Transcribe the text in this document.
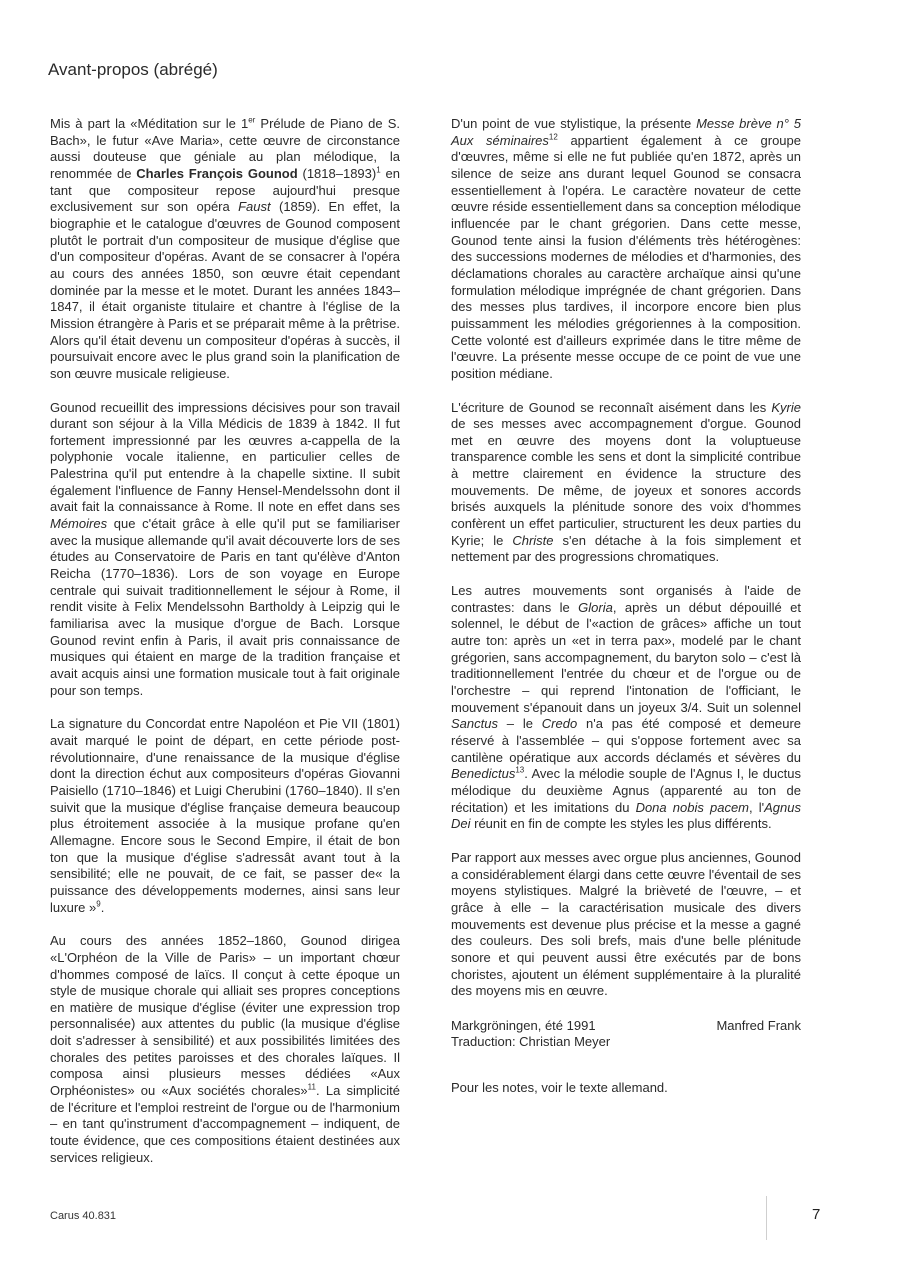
Avant-propos (abrégé)

Mis à part la «Méditation sur le 1er Prélude de Piano de S. Bach», le futur «Ave Maria», cette œuvre de circonstance aussi douteuse que géniale au plan mélodique, la renommée de Charles François Gounod (1818–1893)$^1$ en tant que compositeur repose aujourd'hui presque exclusivement sur son opéra Faust (1859). En effet, la biographie et le catalogue d'œuvres de Gounod composent plutôt le portrait d'un compositeur de musique d'église que d'un compositeur d'opéras. Avant de se consacrer à l'opéra au cours des années 1850, son œuvre était cependant dominée par la messe et le motet. Durant les années 1843–1847, il était organiste titulaire et chantre à l'église de la Mission étrangère à Paris et se préparait même à la prêtrise. Alors qu'il était devenu un compositeur d'opéras à succès, il poursuivait encore avec le plus grand soin la planification de son œuvre musicale religieuse.

Gounod recueillit des impressions décisives pour son travail durant son séjour à la Villa Médicis de 1839 à 1842. Il fut fortement impressionné par les œuvres a-cappella de la polyphonie vocale italienne, en particulier celles de Palestrina qu'il put entendre à la chapelle sixtine. Il subit également l'influence de Fanny Hensel-Mendelssohn dont il avait fait la connaissance à Rome. Il note en effet dans ses Mémoires que c'était grâce à elle qu'il put se familiariser avec la musique allemande qu'il avait découverte lors de ses études au Conservatoire de Paris en tant qu'élève d'Anton Reicha (1770–1836). Lors de son voyage en Europe centrale qui suivait traditionnellement le séjour à Rome, il rendit visite à Felix Mendelssohn Bartholdy à Leipzig qui le familiarisa avec la musique d'orgue de Bach. Lorsque Gounod revint enfin à Paris, il avait pris connaissance de musiques qui étaient en marge de la tradition française et avait acquis ainsi une formation musicale tout à fait originale pour son temps.

La signature du Concordat entre Napoléon et Pie VII (1801) avait marqué le point de départ, en cette période post-révolutionnaire, d'une renaissance de la musique d'église dont la direction échut aux compositeurs d'opéras Giovanni Paisiello (1710–1846) et Luigi Cherubini (1760–1840). Il s'en suivit que la musique d'église française demeura beaucoup plus étroitement associée à la musique profane qu'en Allemagne. Encore sous le Second Empire, il était de bon ton que la musique d'église s'adressât avant tout à la sensibilité; elle ne pouvait, de ce fait, se passer de« la puissance des développements modernes, ainsi sans leur luxure »$^9$.

Au cours des années 1852–1860, Gounod dirigea «L'Orphéon de la Ville de Paris» – un important chœur d'hommes composé de laïcs. Il conçut à cette époque un style de musique chorale qui alliait ses propres conceptions en matière de musique d'église (éviter une expression trop personnalisée) aux attentes du public (la musique d'église doit s'adresser à sensibilité) et aux possibilités limitées des chorales des petites paroisses et des chorales laïques. Il composa ainsi plusieurs messes dédiées «Aux Orphéonistes» ou «Aux sociétés chorales»$^{11}$. La simplicité de l'écriture et l'emploi restreint de l'orgue ou de l'harmonium – en tant qu'instrument d'accompagnement – indiquent, de toute évidence, que ces compositions étaient destinées aux services religieux.

D'un point de vue stylistique, la présente Messe brève n° 5 Aux séminaires$^{12}$ appartient également à ce groupe d'œuvres, même si elle ne fut publiée qu'en 1872, après un silence de seize ans durant lequel Gounod se consacra essentiellement à l'opéra. Le caractère novateur de cette œuvre réside essentiellement dans sa conception mélodique influencée par le chant grégorien. Dans cette messe, Gounod tente ainsi la fusion d'éléments très hétérogènes: des successions modernes de mélodies et d'harmonies, des déclamations chorales au caractère archaïque ainsi qu'une formulation mélodique imprégnée de chant grégorien. Dans des messes plus tardives, il incorpore encore bien plus puissamment les mélodies grégoriennes à la composition. Cette volonté est d'ailleurs exprimée dans le titre même de l'œuvre. La présente messe occupe de ce point de vue une position médiane.

L'écriture de Gounod se reconnaît aisément dans les Kyrie de ses messes avec accompagnement d'orgue. Gounod met en œuvre des moyens dont la voluptueuse transparence comble les sens et dont la simplicité contribue à mettre clairement en évidence la structure des mouvements. De même, de joyeux et sonores accords brisés auxquels la plénitude sonore des voix d'hommes confèrent un effet particulier, structurent les deux parties du Kyrie; le Christe s'en détache à la fois simplement et nettement par des progressions chromatiques.

Les autres mouvements sont organisés à l'aide de contrastes: dans le Gloria, après un début dépouillé et solennel, le début de l'«action de grâces» affiche un tout autre ton: après un «et in terra pax», modelé par le chant grégorien, sans accompagnement, du baryton solo – c'est là traditionnellement l'entrée du chœur et de l'orgue ou de l'orchestre – qui reprend l'intonation de l'officiant, le mouvement s'épanouit dans un joyeux 3/4. Suit un solennel Sanctus – le Credo n'a pas été composé et demeure réservé à l'assemblée – qui s'oppose fortement avec sa cantilène opératique aux accords déclamés et sévères du Benedictus$^{13}$. Avec la mélodie souple de l'Agnus I, le ductus mélodique du deuxième Agnus (apparenté au ton de récitation) et les imitations du Dona nobis pacem, l'Agnus Dei réunit en fin de compte les styles les plus différents.

Par rapport aux messes avec orgue plus anciennes, Gounod a considérablement élargi dans cette œuvre l'éventail de ses moyens stylistiques. Malgré la brièveté de l'œuvre, – et grâce à elle – la caractérisation musicale des divers mouvements est devenue plus précise et la messe a gagné des couleurs. Des soli brefs, mais d'une belle plénitude sonore et qui peuvent aussi être exécutés par de bons choristes, ajoutent un élément supplémentaire à la pluralité des moyens mis en œuvre.

Markgröningen, été 1991	Manfred Frank
Traduction: Christian Meyer
Pour les notes, voir le texte allemand.
Carus 40.831	7
